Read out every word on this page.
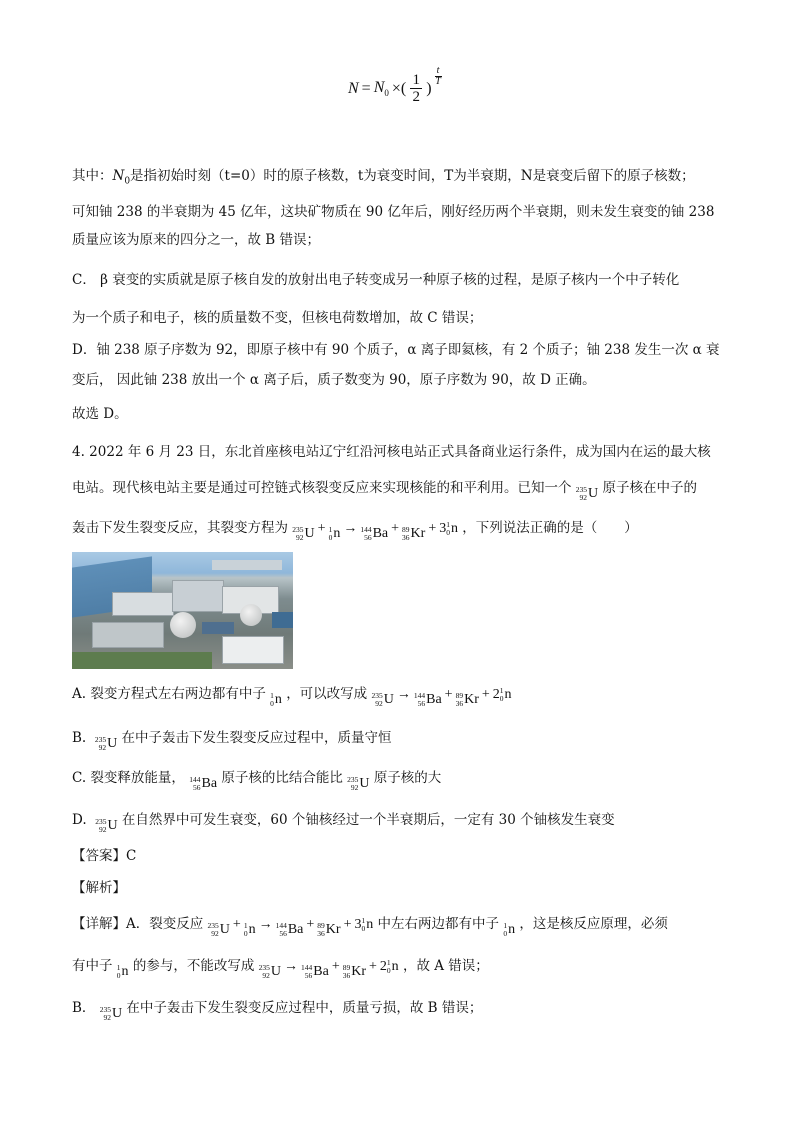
$N = N_0$ ×( $\frac{1}{2}$ )
t
T
其中：$N_0$是指初始时刻（t=0）时的原子核数，t为衰变时间，T为半衰期，N是衰变后留下的原子核数；
可知铀 238 的半衰期为 45 亿年，这块矿物质在 90 亿年后，刚好经历两个半衰期，则未发生衰变的铀 238
质量应该为原来的四分之一，故 B 错误；
C． β 衰变的实质就是原子核自发的放射出电子转变成另一种原子核的过程，是原子核内一个中子转化
为一个质子和电子，核的质量数不变，但核电荷数增加，故 C 错误；
D．铀 238 原子序数为 92，即原子核中有 90 个质子，α 离子即氦核，有 2 个质子；铀 238 发生一次 α 衰
变后， 因此铀 238 放出一个 α 离子后，质子数变为 90，原子序数为 90，故 D 正确。
故选 D。
4. 2022 年 6 月 23 日，东北首座核电站辽宁红沿河核电站正式具备商业运行条件，成为国内在运的最大核
电站。现代核电站主要是通过可控链式核裂变反应来实现核能的和平利用。已知一个 235
92 U 原子核在中子的
轰击下发生裂变反应，其裂变方程为 235
92 U + 1
0 n → 144
56 Ba + 89
36 Kr + 3 1
0 n ，下列说法正确的是（　　）
A. 裂变方程式左右两边都有中子 1
0 n ，可以改写成 235
92 U → 144
56 Ba + 89
36 Kr + 2 1
0 n
B. 235
92 U 在中子轰击下发生裂变反应过程中，质量守恒
C. 裂变释放能量， 144
56 Ba 原子核的比结合能比 235
92 U 原子核的大
D. 235
92 U 在自然界中可发生衰变，60 个铀核经过一个半衰期后，一定有 30 个铀核发生衰变
【答案】C
【解析】
【详解】A．裂变反应 235
92 U + 1
0 n → 144
56 Ba + 89
36 Kr + 3 1
0 n 中左右两边都有中子 1
0 n ，这是核反应原理，必须
有中子 1
0 n 的参与，不能改写成 235
92 U → 144
56 Ba + 89
36 Kr + 2 1
0 n ，故 A 错误；
B． 235
92 U 在中子轰击下发生裂变反应过程中，质量亏损，故 B 错误；
